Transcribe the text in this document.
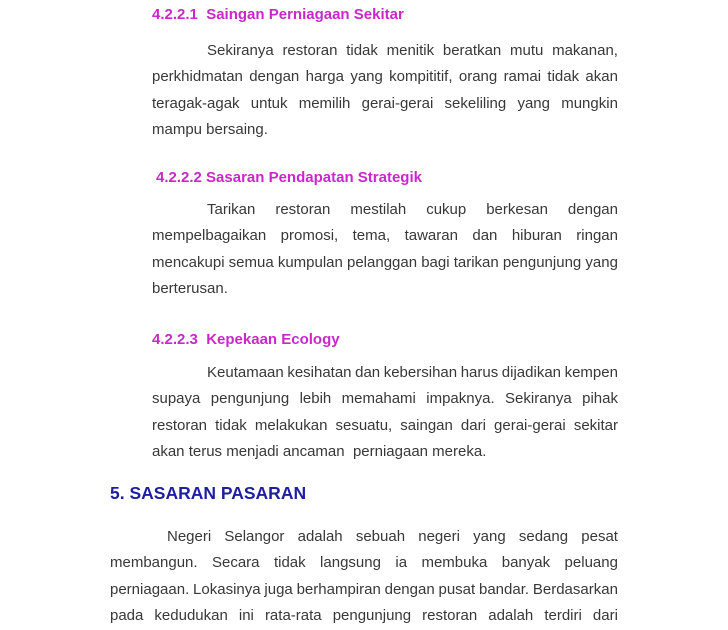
4.2.2.1  Saingan Perniagaan Sekitar
Sekiranya restoran tidak menitik beratkan mutu makanan,
perkhidmatan dengan harga yang kompititif, orang ramai tidak akan
teragak-agak untuk memilih gerai-gerai sekeliling yang mungkin
mampu bersaing.
4.2.2.2 Sasaran Pendapatan Strategik
Tarikan restoran mestilah cukup berkesan dengan
mempelbagaikan promosi, tema, tawaran dan hiburan ringan
mencakupi semua kumpulan pelanggan bagi tarikan pengunjung yang
berterusan.
4.2.2.3  Kepekaan Ecology
Keutamaan kesihatan dan kebersihan harus dijadikan kempen
supaya pengunjung lebih memahami impaknya. Sekiranya pihak
restoran tidak melakukan sesuatu, saingan dari gerai-gerai sekitar
akan terus menjadi ancaman  perniagaan mereka.
5. SASARAN PASARAN
Negeri Selangor adalah sebuah negeri yang sedang pesat
membangun. Secara tidak langsung ia membuka banyak peluang
perniagaan. Lokasinya juga berhampiran dengan pusat bandar. Berdasarkan
pada kedudukan ini rata-rata pengunjung restoran adalah terdiri dari
